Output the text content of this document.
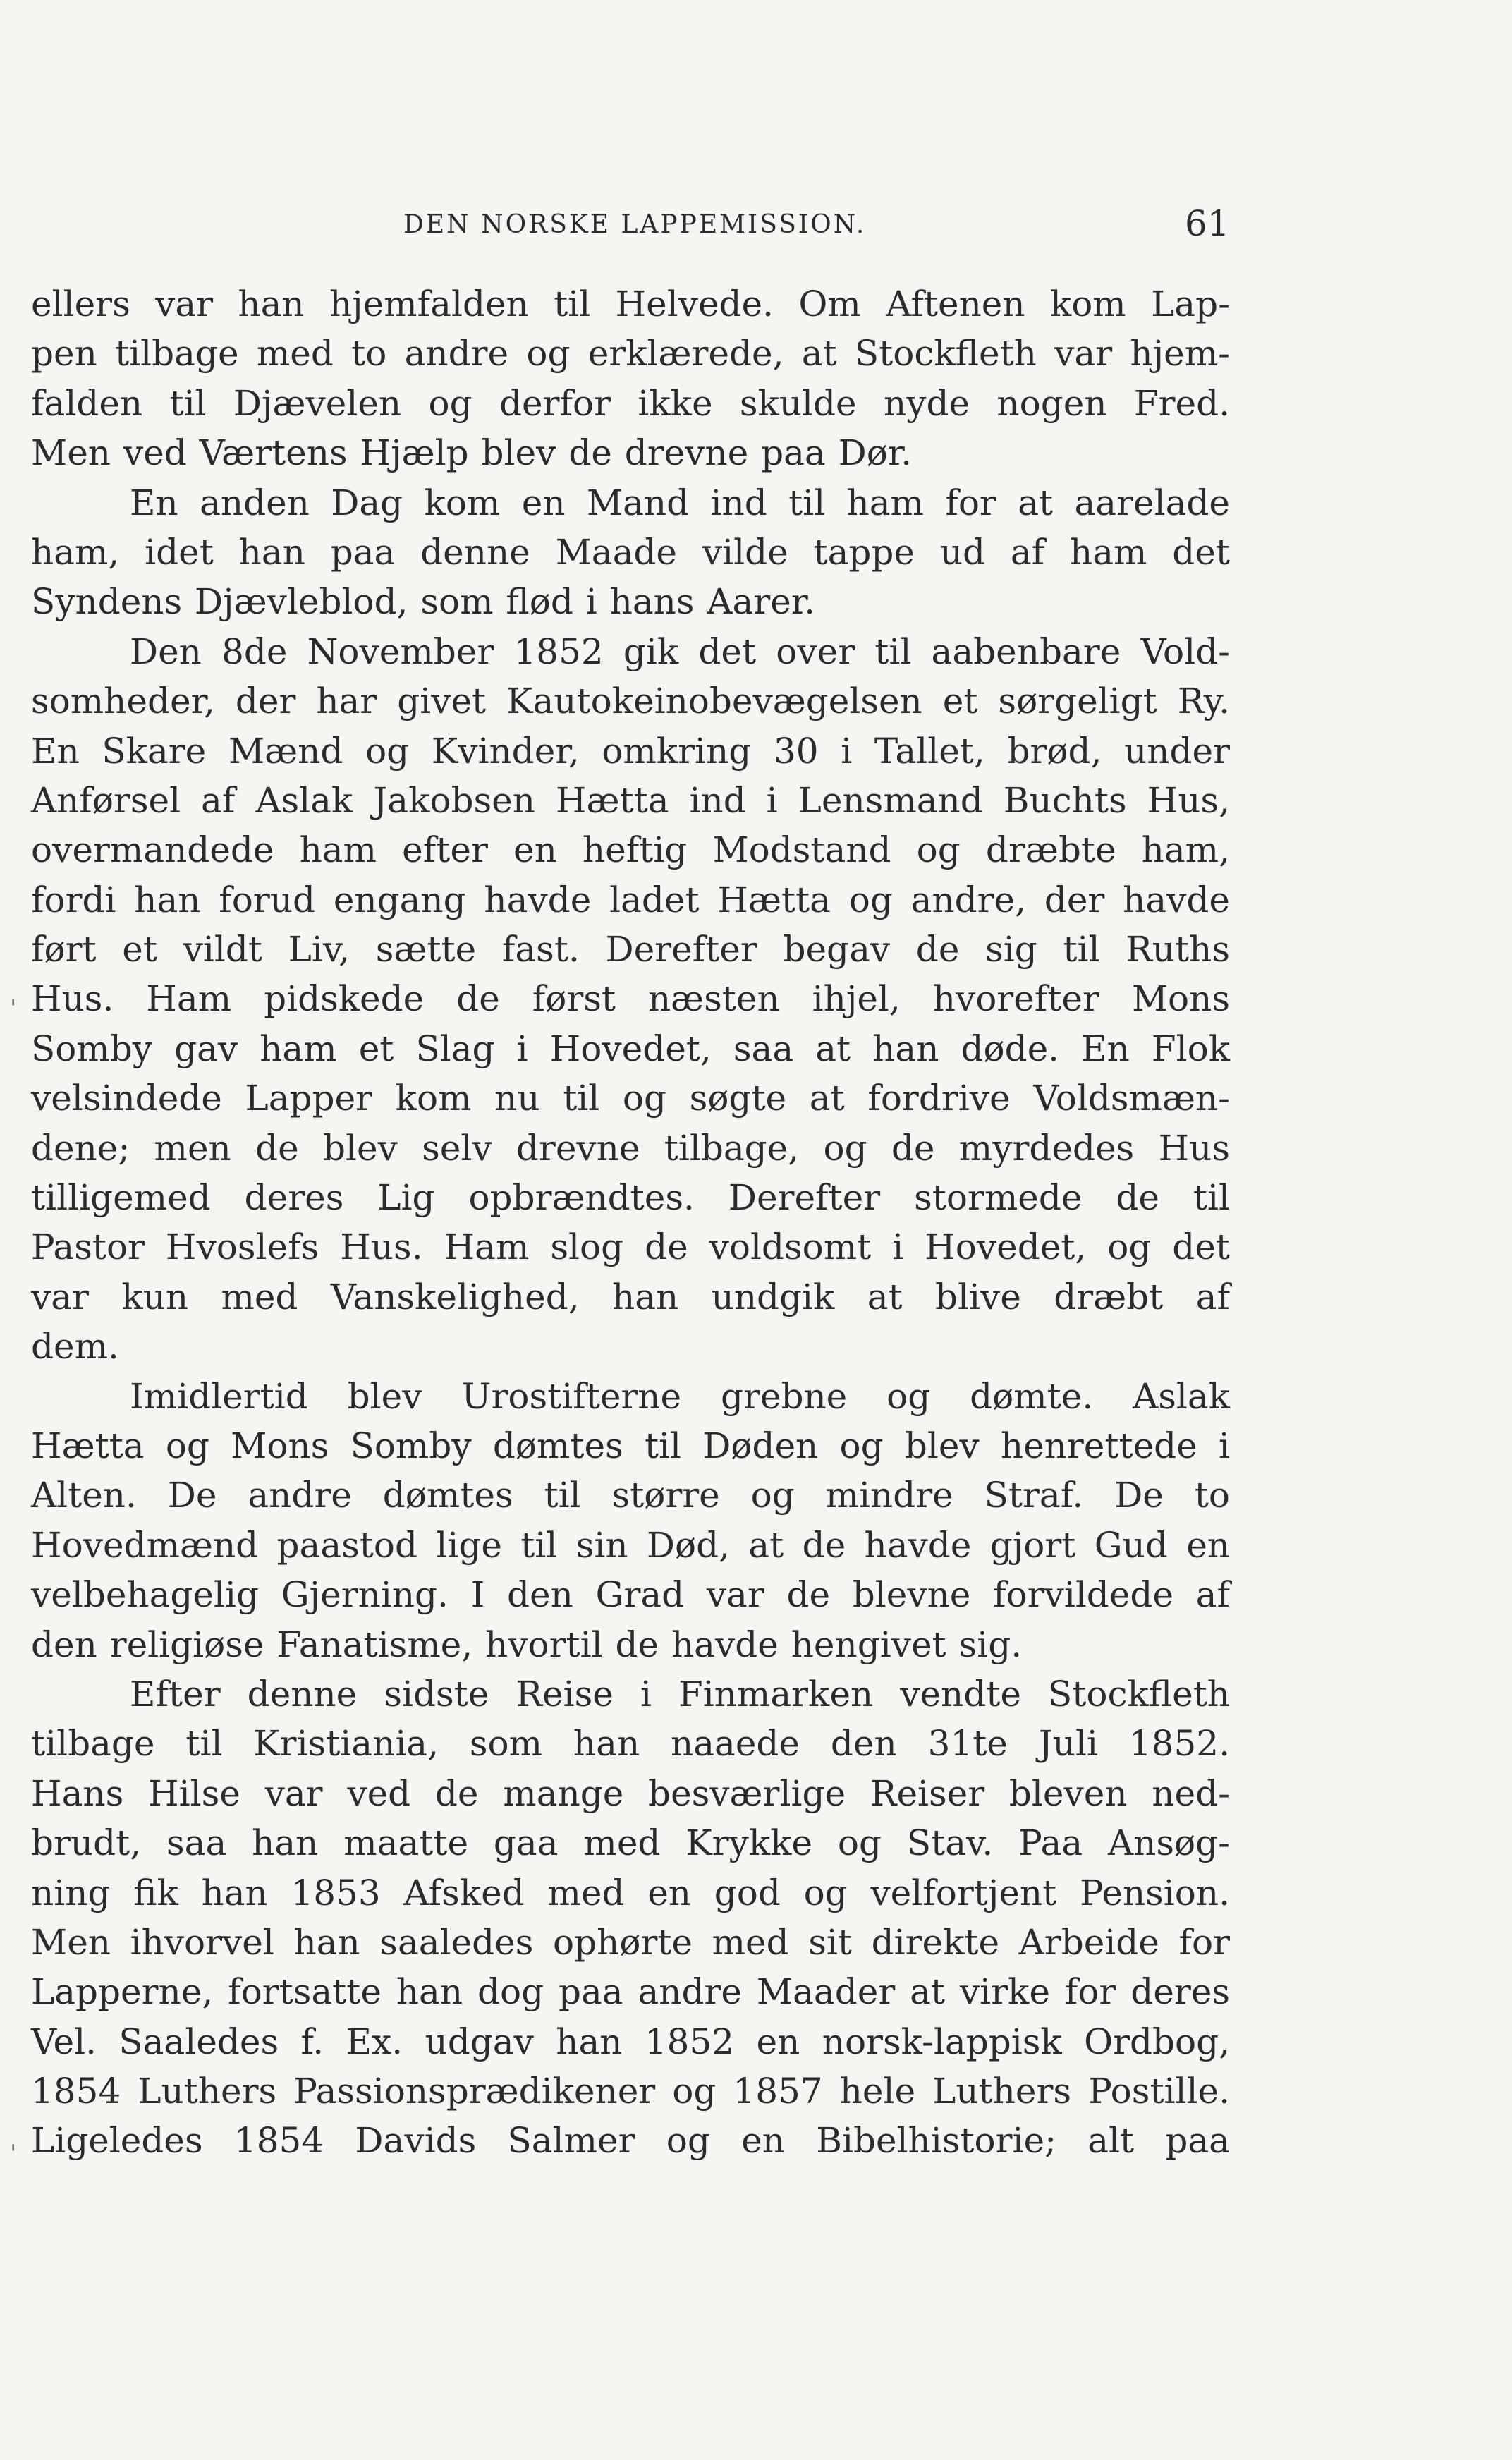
DEN NORSKE LAPPEMISSION.	61
'
'
ellers var han hjemfalden til Helvede. Om Aftenen kom Lap-
pen tilbage med to andre og erklærede, at Stockfleth var hjem-
falden til Djævelen og derfor ikke skulde nyde nogen Fred.
Men ved Værtens Hjælp blev de drevne paa Dør.
En anden Dag kom en Mand ind til ham for at aarelade
ham, idet han paa denne Maade vilde tappe ud af ham det
Syndens Djævleblod, som flød i hans Aarer.
Den 8de November 1852 gik det over til aabenbare Vold-
somheder, der har givet Kautokeinobevægelsen et sørgeligt Ry.
En Skare Mænd og Kvinder, omkring 30 i Tallet, brød, under
Anførsel af Aslak Jakobsen Hætta ind i Lensmand Buchts Hus,
overmandede ham efter en heftig Modstand og dræbte ham,
fordi han forud engang havde ladet Hætta og andre, der havde
ført et vildt Liv, sætte fast. Derefter begav de sig til Ruths
Hus. Ham pidskede de først næsten ihjel, hvorefter Mons
Somby gav ham et Slag i Hovedet, saa at han døde. En Flok
velsindede Lapper kom nu til og søgte at fordrive Voldsmæn-
dene; men de blev selv drevne tilbage, og de myrdedes Hus
tilligemed deres Lig opbrændtes. Derefter stormede de til
Pastor Hvoslefs Hus. Ham slog de voldsomt i Hovedet, og det
var kun med Vanskelighed, han undgik at blive dræbt af
dem.
Imidlertid blev Urostifterne grebne og dømte. Aslak
Hætta og Mons Somby dømtes til Døden og blev henrettede i
Alten. De andre dømtes til større og mindre Straf. De to
Hovedmænd paastod lige til sin Død, at de havde gjort Gud en
velbehagelig Gjerning. I den Grad var de blevne forvildede af
den religiøse Fanatisme, hvortil de havde hengivet sig.
Efter denne sidste Reise i Finmarken vendte Stockfleth
tilbage til Kristiania, som han naaede den 31te Juli 1852.
Hans Hilse var ved de mange besværlige Reiser bleven ned-
brudt, saa han maatte gaa med Krykke og Stav. Paa Ansøg-
ning fik han 1853 Afsked med en god og velfortjent Pension.
Men ihvorvel han saaledes ophørte med sit direkte Arbeide for
Lapperne, fortsatte han dog paa andre Maader at virke for deres
Vel. Saaledes f. Ex. udgav han 1852 en norsk-lappisk Ordbog,
1854 Luthers Passionsprædikener og 1857 hele Luthers Postille.
Ligeledes 1854 Davids Salmer og en Bibelhistorie; alt paa
